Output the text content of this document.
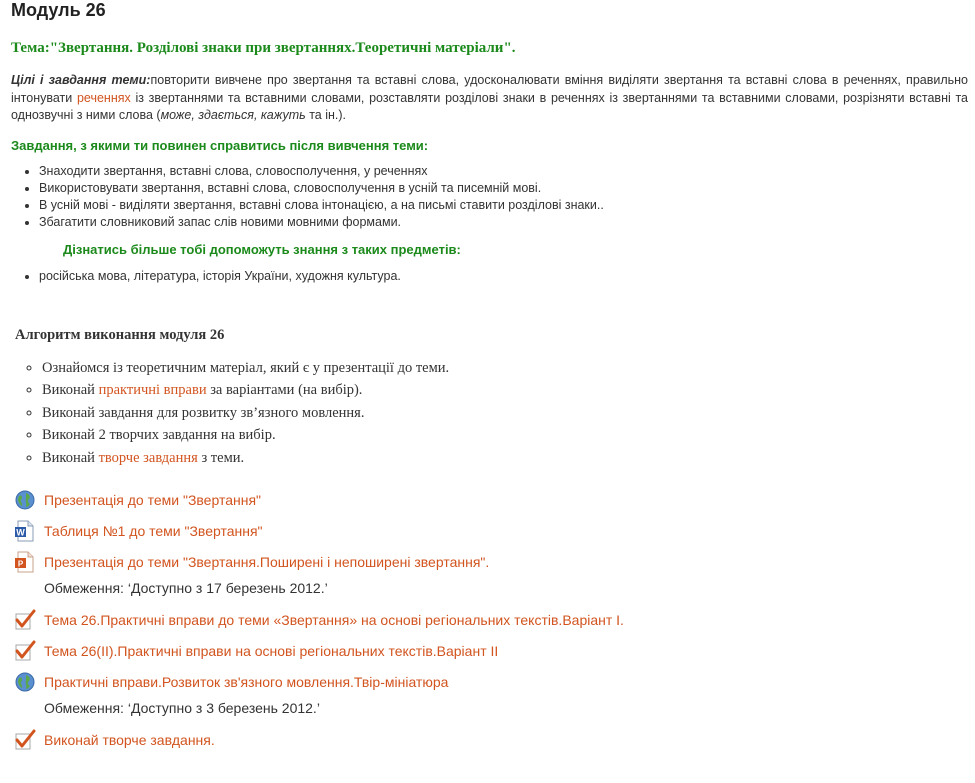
Модуль 26
Тема:"Звертання. Розділові знаки при звертаннях.Теоретичні матеріали".
Цілі і завдання теми:повторити вивчене про звертання та вставні слова, удосконалювати вміння виділяти звертання та вставні слова в реченнях, правильно інтонувати реченнях із звертаннями та вставними словами, розставляти розділові знаки в реченнях із звертаннями та вставними словами, розрізняти вставні та однозвучні з ними слова (може, здається, кажуть та ін.).
Завдання, з якими ти повинен справитись після вивчення теми:
• Знаходити звертання, вставні слова, словосполучення, у реченнях
• Використовувати звертання, вставні слова, словосполучення в усній та писемній мові.
• В усній мові - виділяти звертання, вставні слова інтонацією, а на письмі ставити розділові знаки..
• Збагатити словниковий запас слів новими мовними формами.
Дізнатись більше тобі допоможуть знання з таких предметів:
• російська мова, література, історія України, художня культура.
Алгоритм виконання модуля 26
◦ Ознайомся із теоретичним матеріал, який є у презентації до теми.
◦ Виконай практичні вправи за варіантами (на вибір).
◦ Виконай завдання для розвитку зв’язного мовлення.
◦ Виконай 2 творчих завдання на вибір.
◦ Виконай творче завдання з теми.
Презентація до теми "Звертання"
W Таблиця №1 до теми "Звертання"
P Презентація до теми "Звертання.Поширені і непоширені звертання".
Обмеження: ‘Доступно з 17 березень 2012.’
Тема 26.Практичні вправи до теми «Звертання» на основі регіональних текстів.Варіант І.
Тема 26(ІІ).Практичні вправи на основі регіональних текстів.Варіант ІІ
Практичні вправи.Розвиток зв'язного мовлення.Твір-мініатюра
Обмеження: ‘Доступно з 3 березень 2012.’
Виконай творче завдання.
